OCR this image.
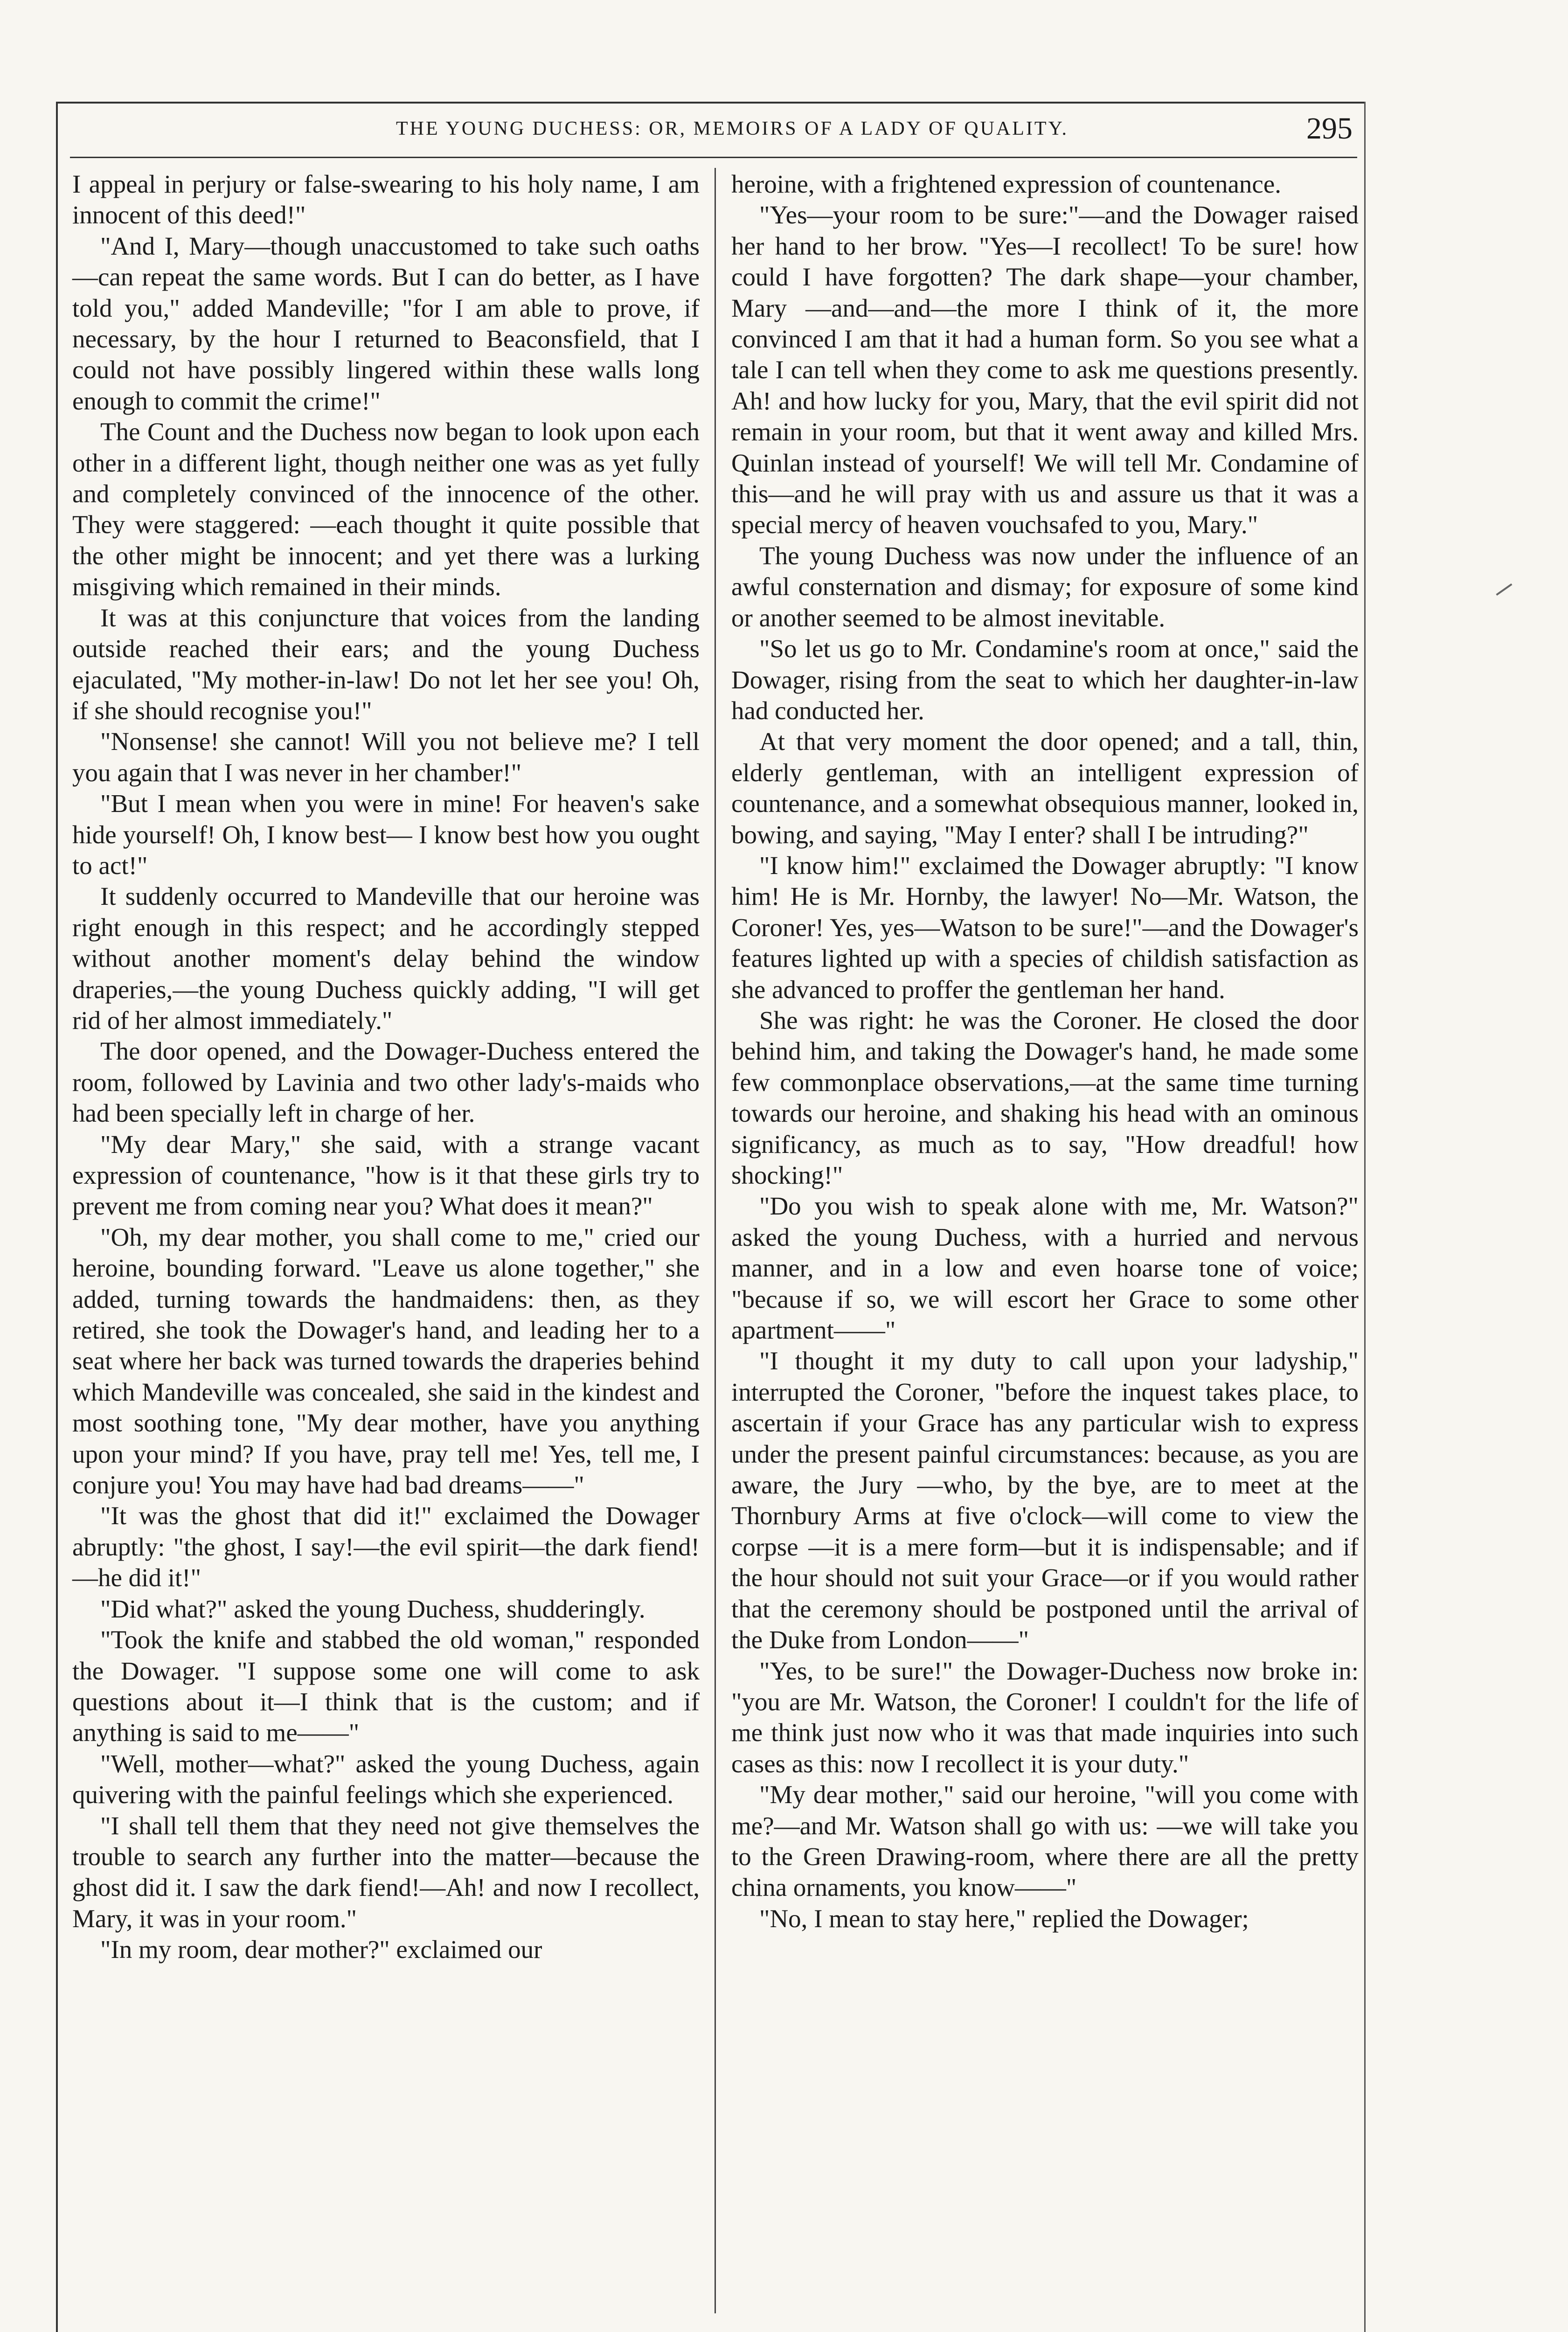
THE YOUNG DUCHESS: OR, MEMOIRS OF A LADY OF QUALITY.	295

I appeal in perjury or false-swearing to his holy name, I am innocent of this deed!"

"And I, Mary—though unaccustomed to take such oaths—can repeat the same words. But I can do better, as I have told you," added Mandeville; "for I am able to prove, if necessary, by the hour I returned to Beaconsfield, that I could not have possibly lingered within these walls long enough to commit the crime!"

The Count and the Duchess now began to look upon each other in a different light, though neither one was as yet fully and completely convinced of the innocence of the other. They were staggered: —each thought it quite possible that the other might be innocent; and yet there was a lurking misgiving which remained in their minds.

It was at this conjuncture that voices from the landing outside reached their ears; and the young Duchess ejaculated, "My mother-in-law! Do not let her see you! Oh, if she should recognise you!"

"Nonsense! she cannot! Will you not believe me? I tell you again that I was never in her chamber!"

"But I mean when you were in mine! For heaven's sake hide yourself! Oh, I know best— I know best how you ought to act!"

It suddenly occurred to Mandeville that our heroine was right enough in this respect; and he accordingly stepped without another moment's delay behind the window draperies,—the young Duchess quickly adding, "I will get rid of her almost immediately."

The door opened, and the Dowager-Duchess entered the room, followed by Lavinia and two other lady's-maids who had been specially left in charge of her.

"My dear Mary," she said, with a strange vacant expression of countenance, "how is it that these girls try to prevent me from coming near you? What does it mean?"

"Oh, my dear mother, you shall come to me," cried our heroine, bounding forward. "Leave us alone together," she added, turning towards the handmaidens: then, as they retired, she took the Dowager's hand, and leading her to a seat where her back was turned towards the draperies behind which Mandeville was concealed, she said in the kindest and most soothing tone, "My dear mother, have you anything upon your mind? If you have, pray tell me! Yes, tell me, I conjure you! You may have had bad dreams——"

"It was the ghost that did it!" exclaimed the Dowager abruptly: "the ghost, I say!—the evil spirit—the dark fiend!—he did it!"

"Did what?" asked the young Duchess, shudderingly.

"Took the knife and stabbed the old woman," responded the Dowager. "I suppose some one will come to ask questions about it—I think that is the custom; and if anything is said to me——"

"Well, mother—what?" asked the young Duchess, again quivering with the painful feelings which she experienced.

"I shall tell them that they need not give themselves the trouble to search any further into the matter—because the ghost did it. I saw the dark fiend!—Ah! and now I recollect, Mary, it was in your room."

"In my room, dear mother?" exclaimed our

heroine, with a frightened expression of countenance.

"Yes—your room to be sure:"—and the Dowager raised her hand to her brow. "Yes—I recollect! To be sure! how could I have forgotten? The dark shape—your chamber, Mary —and—and—the more I think of it, the more convinced I am that it had a human form. So you see what a tale I can tell when they come to ask me questions presently. Ah! and how lucky for you, Mary, that the evil spirit did not remain in your room, but that it went away and killed Mrs. Quinlan instead of yourself! We will tell Mr. Condamine of this—and he will pray with us and assure us that it was a special mercy of heaven vouchsafed to you, Mary."

The young Duchess was now under the influence of an awful consternation and dismay; for exposure of some kind or another seemed to be almost inevitable.

"So let us go to Mr. Condamine's room at once," said the Dowager, rising from the seat to which her daughter-in-law had conducted her.

At that very moment the door opened; and a tall, thin, elderly gentleman, with an intelligent expression of countenance, and a somewhat obsequious manner, looked in, bowing, and saying, "May I enter? shall I be intruding?"

"I know him!" exclaimed the Dowager abruptly: "I know him! He is Mr. Hornby, the lawyer! No—Mr. Watson, the Coroner! Yes, yes—Watson to be sure!"—and the Dowager's features lighted up with a species of childish satisfaction as she advanced to proffer the gentleman her hand.

She was right: he was the Coroner. He closed the door behind him, and taking the Dowager's hand, he made some few commonplace observations,—at the same time turning towards our heroine, and shaking his head with an ominous significancy, as much as to say, "How dreadful! how shocking!"

"Do you wish to speak alone with me, Mr. Watson?" asked the young Duchess, with a hurried and nervous manner, and in a low and even hoarse tone of voice; "because if so, we will escort her Grace to some other apartment——"

"I thought it my duty to call upon your ladyship," interrupted the Coroner, "before the inquest takes place, to ascertain if your Grace has any particular wish to express under the present painful circumstances: because, as you are aware, the Jury —who, by the bye, are to meet at the Thornbury Arms at five o'clock—will come to view the corpse —it is a mere form—but it is indispensable; and if the hour should not suit your Grace—or if you would rather that the ceremony should be postponed until the arrival of the Duke from London——"

"Yes, to be sure!" the Dowager-Duchess now broke in: "you are Mr. Watson, the Coroner! I couldn't for the life of me think just now who it was that made inquiries into such cases as this: now I recollect it is your duty."

"My dear mother," said our heroine, "will you come with me?—and Mr. Watson shall go with us: —we will take you to the Green Drawing-room, where there are all the pretty china ornaments, you know——"

"No, I mean to stay here," replied the Dowager;
